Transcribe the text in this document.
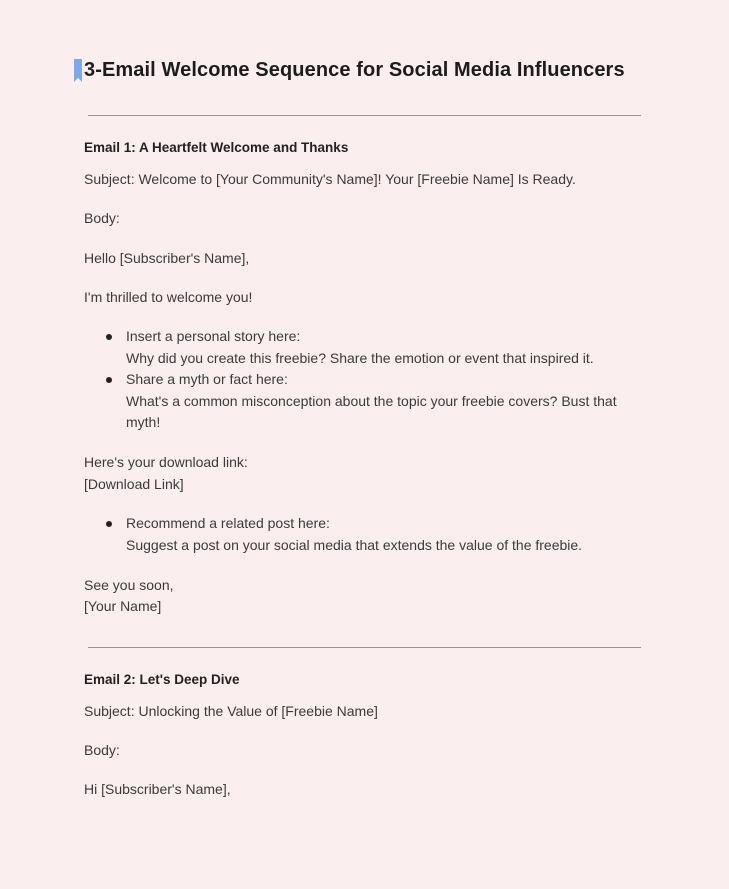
3-Email Welcome Sequence for Social Media Influencers
Email 1: A Heartfelt Welcome and Thanks
Subject: Welcome to [Your Community's Name]! Your [Freebie Name] Is Ready.
Body:
Hello [Subscriber's Name],
I'm thrilled to welcome you!
Insert a personal story here:
Why did you create this freebie? Share the emotion or event that inspired it.
Share a myth or fact here:
What's a common misconception about the topic your freebie covers? Bust that myth!
Here's your download link:
[Download Link]
Recommend a related post here:
Suggest a post on your social media that extends the value of the freebie.
See you soon,
[Your Name]
Email 2: Let's Deep Dive
Subject: Unlocking the Value of [Freebie Name]
Body:
Hi [Subscriber's Name],
